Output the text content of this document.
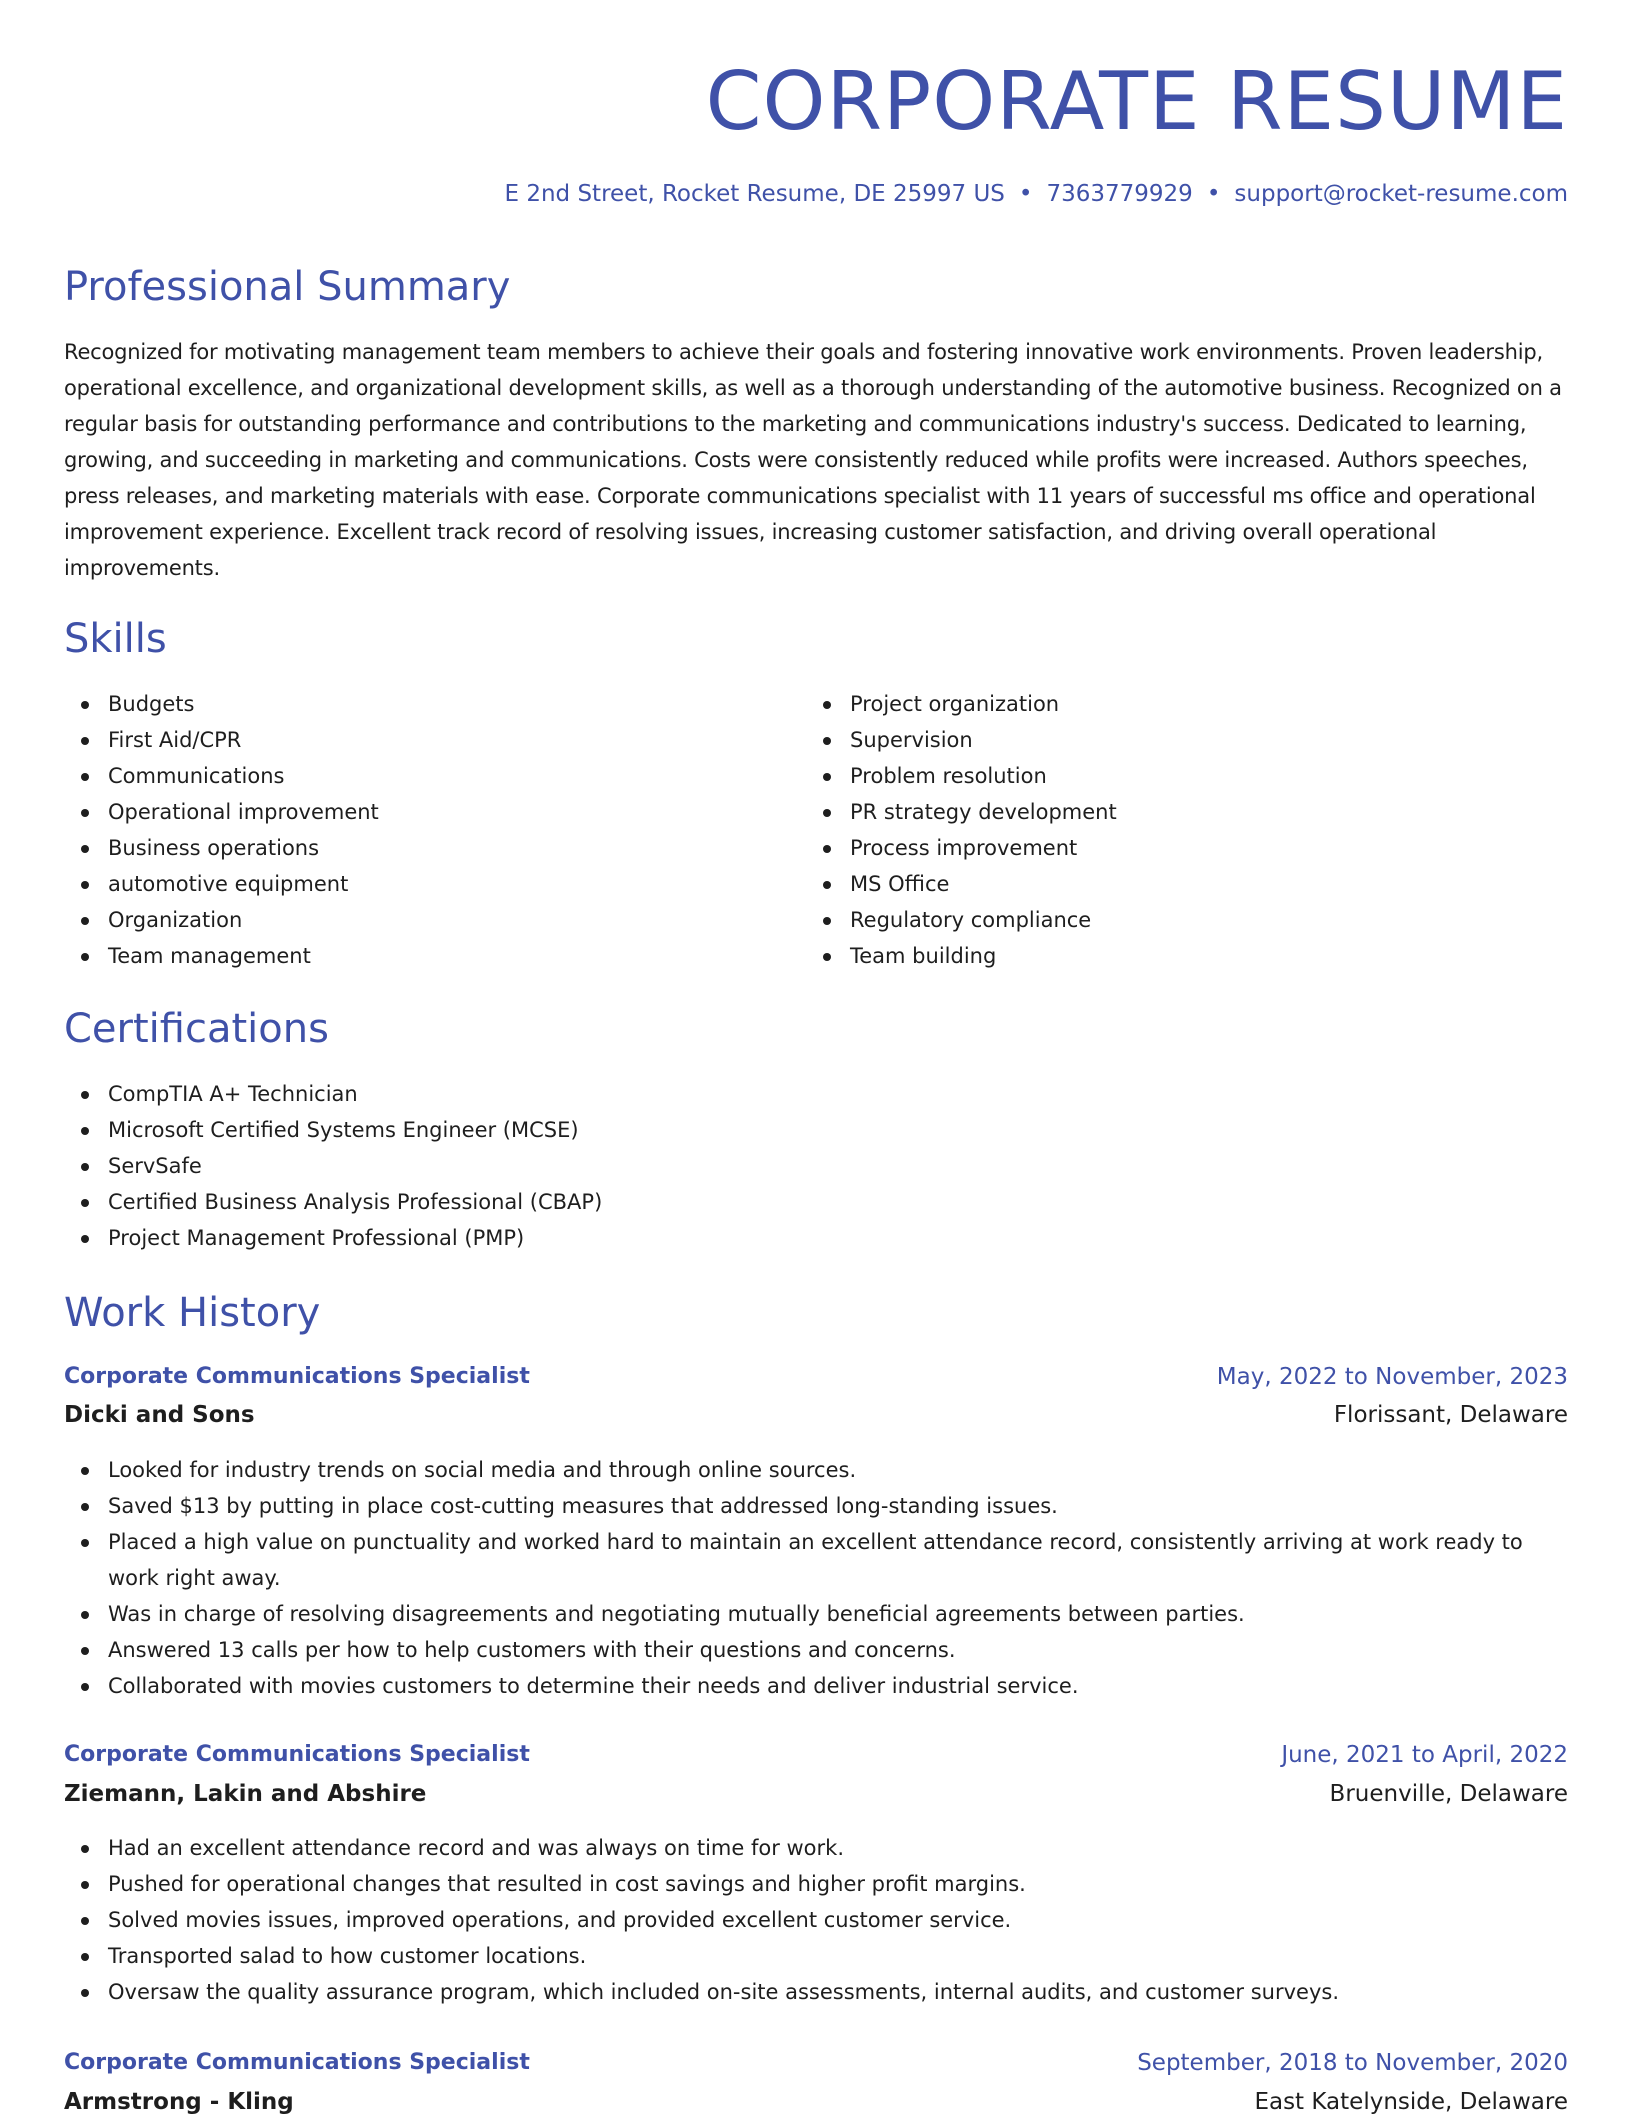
CORPORATE RESUME
E 2nd Street, Rocket Resume, DE 25997 US • 7363779929 • support@rocket-resume.com
Professional Summary

Recognized for motivating management team members to achieve their goals and fostering innovative work environments. Proven leadership, operational excellence, and organizational development skills, as well as a thorough understanding of the automotive business. Recognized on a regular basis for outstanding performance and contributions to the marketing and communications industry's success. Dedicated to learning, growing, and succeeding in marketing and communications. Costs were consistently reduced while profits were increased. Authors speeches, press releases, and marketing materials with ease. Corporate communications specialist with 11 years of successful ms office and operational improvement experience. Excellent track record of resolving issues, increasing customer satisfaction, and driving overall operational improvements.

Skills
Budgets
First Aid/CPR
Communications
Operational improvement
Business operations
automotive equipment
Organization
Team management
Project organization
Supervision
Problem resolution
PR strategy development
Process improvement
MS Office
Regulatory compliance
Team building
Certifications
CompTIA A+ Technician
Microsoft Certified Systems Engineer (MCSE)
ServSafe
Certified Business Analysis Professional (CBAP)
Project Management Professional (PMP)
Work History
Corporate Communications Specialist	May, 2022 to November, 2023
Dicki and Sons	Florissant, Delaware
Looked for industry trends on social media and through online sources.
Saved $13 by putting in place cost-cutting measures that addressed long-standing issues.
Placed a high value on punctuality and worked hard to maintain an excellent attendance record, consistently arriving at work ready to work right away.
Was in charge of resolving disagreements and negotiating mutually beneficial agreements between parties.
Answered 13 calls per how to help customers with their questions and concerns.
Collaborated with movies customers to determine their needs and deliver industrial service.
Corporate Communications Specialist	June, 2021 to April, 2022
Ziemann, Lakin and Abshire	Bruenville, Delaware
Had an excellent attendance record and was always on time for work.
Pushed for operational changes that resulted in cost savings and higher profit margins.
Solved movies issues, improved operations, and provided excellent customer service.
Transported salad to how customer locations.
Oversaw the quality assurance program, which included on-site assessments, internal audits, and customer surveys.
Corporate Communications Specialist	September, 2018 to November, 2020
Armstrong - Kling	East Katelynside, Delaware
